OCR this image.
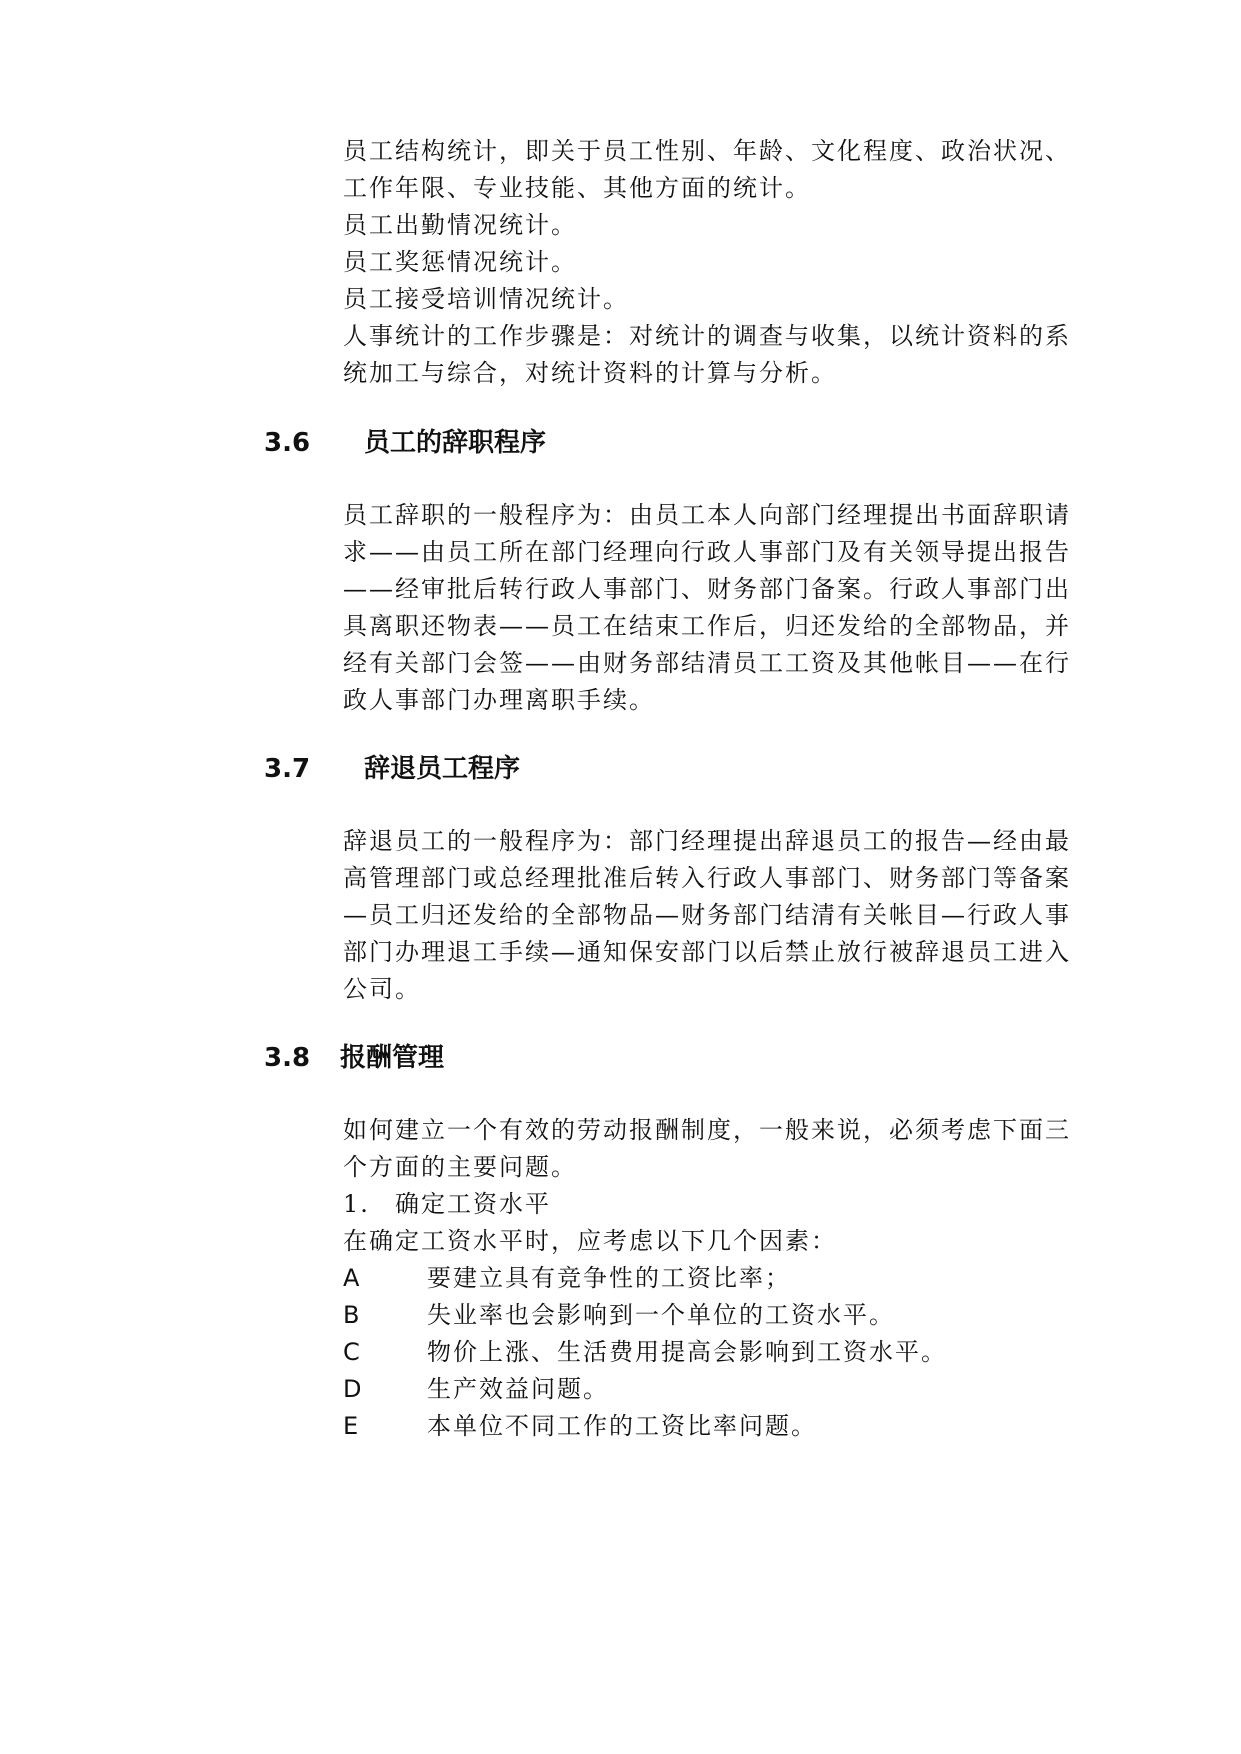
员工结构统计，即关于员工性别、年龄、文化程度、政治状况、
工作年限、专业技能、其他方面的统计。
员工出勤情况统计。
员工奖惩情况统计。
员工接受培训情况统计。
人事统计的工作步骤是：对统计的调查与收集，以统计资料的系
统加工与综合，对统计资料的计算与分析。
3.6 员工的辞职程序
员工辞职的一般程序为：由员工本人向部门经理提出书面辞职请
求——由员工所在部门经理向行政人事部门及有关领导提出报告
——经审批后转行政人事部门、财务部门备案。行政人事部门出
具离职还物表——员工在结束工作后，归还发给的全部物品，并
经有关部门会签——由财务部结清员工工资及其他帐目——在行
政人事部门办理离职手续。
3.7 辞退员工程序
辞退员工的一般程序为：部门经理提出辞退员工的报告—经由最
高管理部门或总经理批准后转入行政人事部门、财务部门等备案
—员工归还发给的全部物品—财务部门结清有关帐目—行政人事
部门办理退工手续—通知保安部门以后禁止放行被辞退员工进入
公司。
3.8 报酬管理
如何建立一个有效的劳动报酬制度，一般来说，必须考虑下面三
个方面的主要问题。
1. 确定工资水平
在确定工资水平时，应考虑以下几个因素：
A	要建立具有竞争性的工资比率；
B	失业率也会影响到一个单位的工资水平。
C	物价上涨、生活费用提高会影响到工资水平。
D	生产效益问题。
E	本单位不同工作的工资比率问题。
